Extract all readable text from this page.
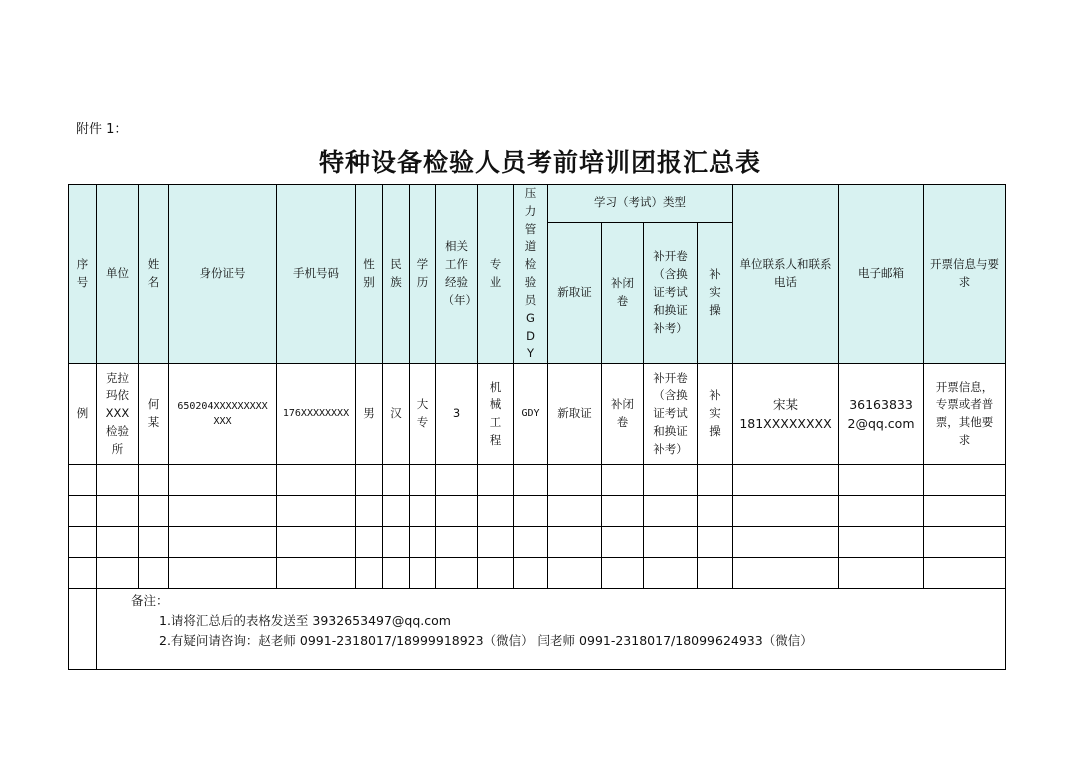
附件 1：
特种设备检验人员考前培训团报汇总表
序号	单位	姓名	身份证号	手机号码	性别	民族	学历	相关工作经验（年）	专业	压力管道检验员GDY	学习（考试）类型				单位联系人和联系电话	电子邮箱	开票信息与要求

											新取证	补闭卷	补开卷（含换证考试和换证补考）	补实操			

例	克拉玛依XXX检验所	何某	650204XXXXXXXXXXXX	176XXXXXXXX	男	汉	大专	3	机械工程	GDY	新取证	补闭卷	补开卷（含换证考试和换证补考）	补实操	宋某
181XXXXXXXX	361638332@qq.com	开票信息，专票或者普票，其他要求

	备注：
1.请将汇总后的表格发送至 3932653497@qq.com
2.有疑问请咨询：赵老师 0991-2318017/18999918923（微信） 闫老师 0991-2318017/18099624933（微信）																
